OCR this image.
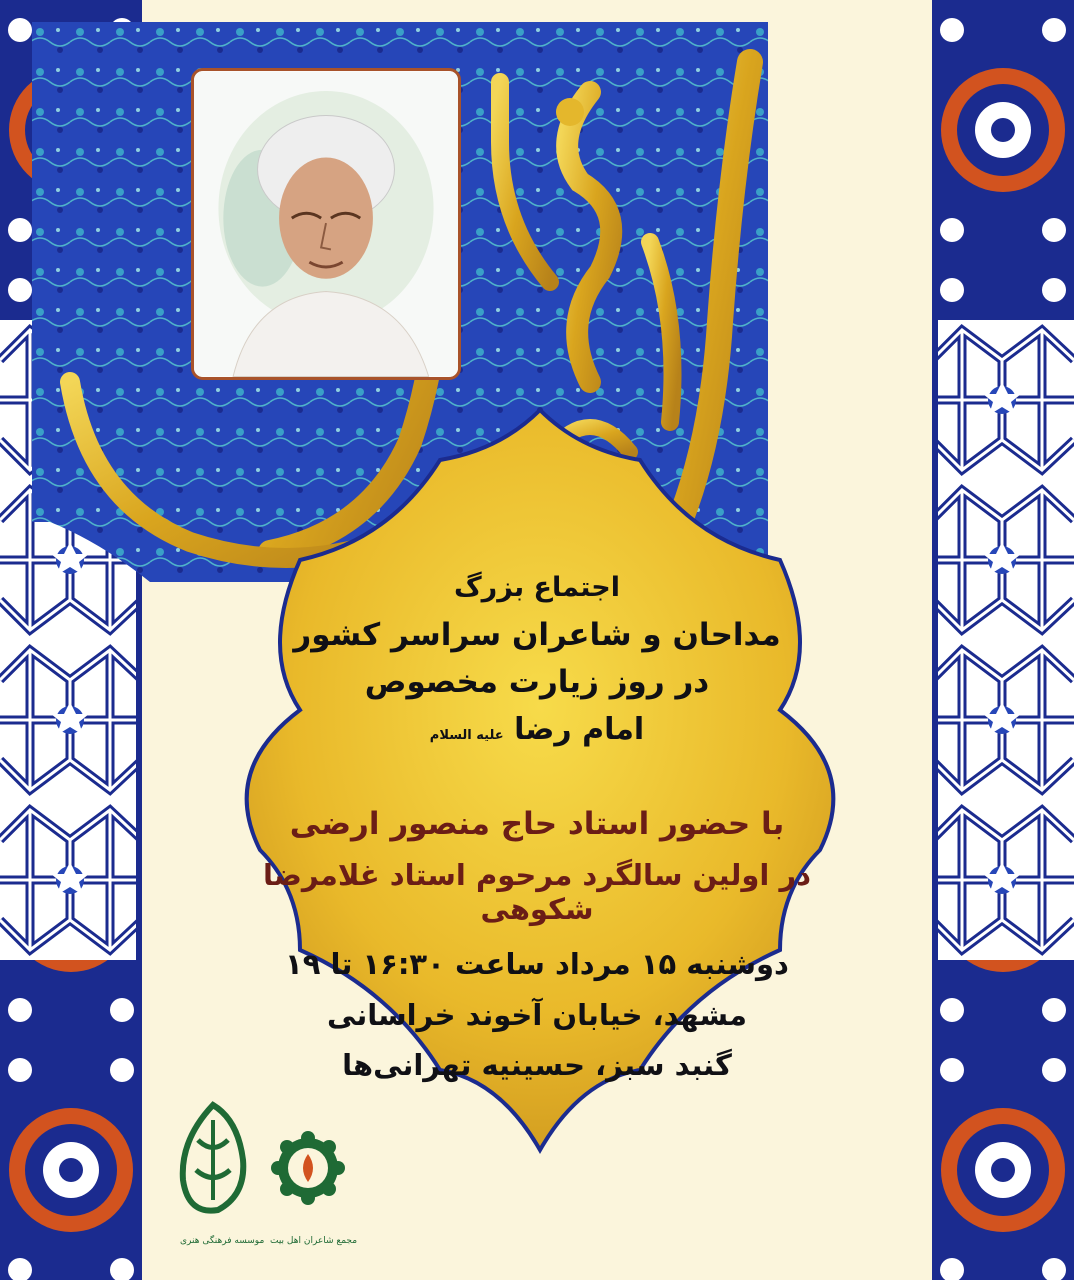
اجتماع بزرگ
مداحان و شاعران سراسر کشور
در روز زیارت مخصوص
امام رضا علیه السلام
با حضور استاد حاج منصور ارضی
در اولین سالگرد مرحوم استاد غلامرضا شکوهی
دوشنبه ۱۵ مرداد ساعت ۱۶:۳۰ تا ۱۹
مشهد، خیابان آخوند خراسانی
گنبد سبز، حسینیه تهرانی‌ها
موسسه فرهنگی هنری مجمع شاعران اهل بیت
